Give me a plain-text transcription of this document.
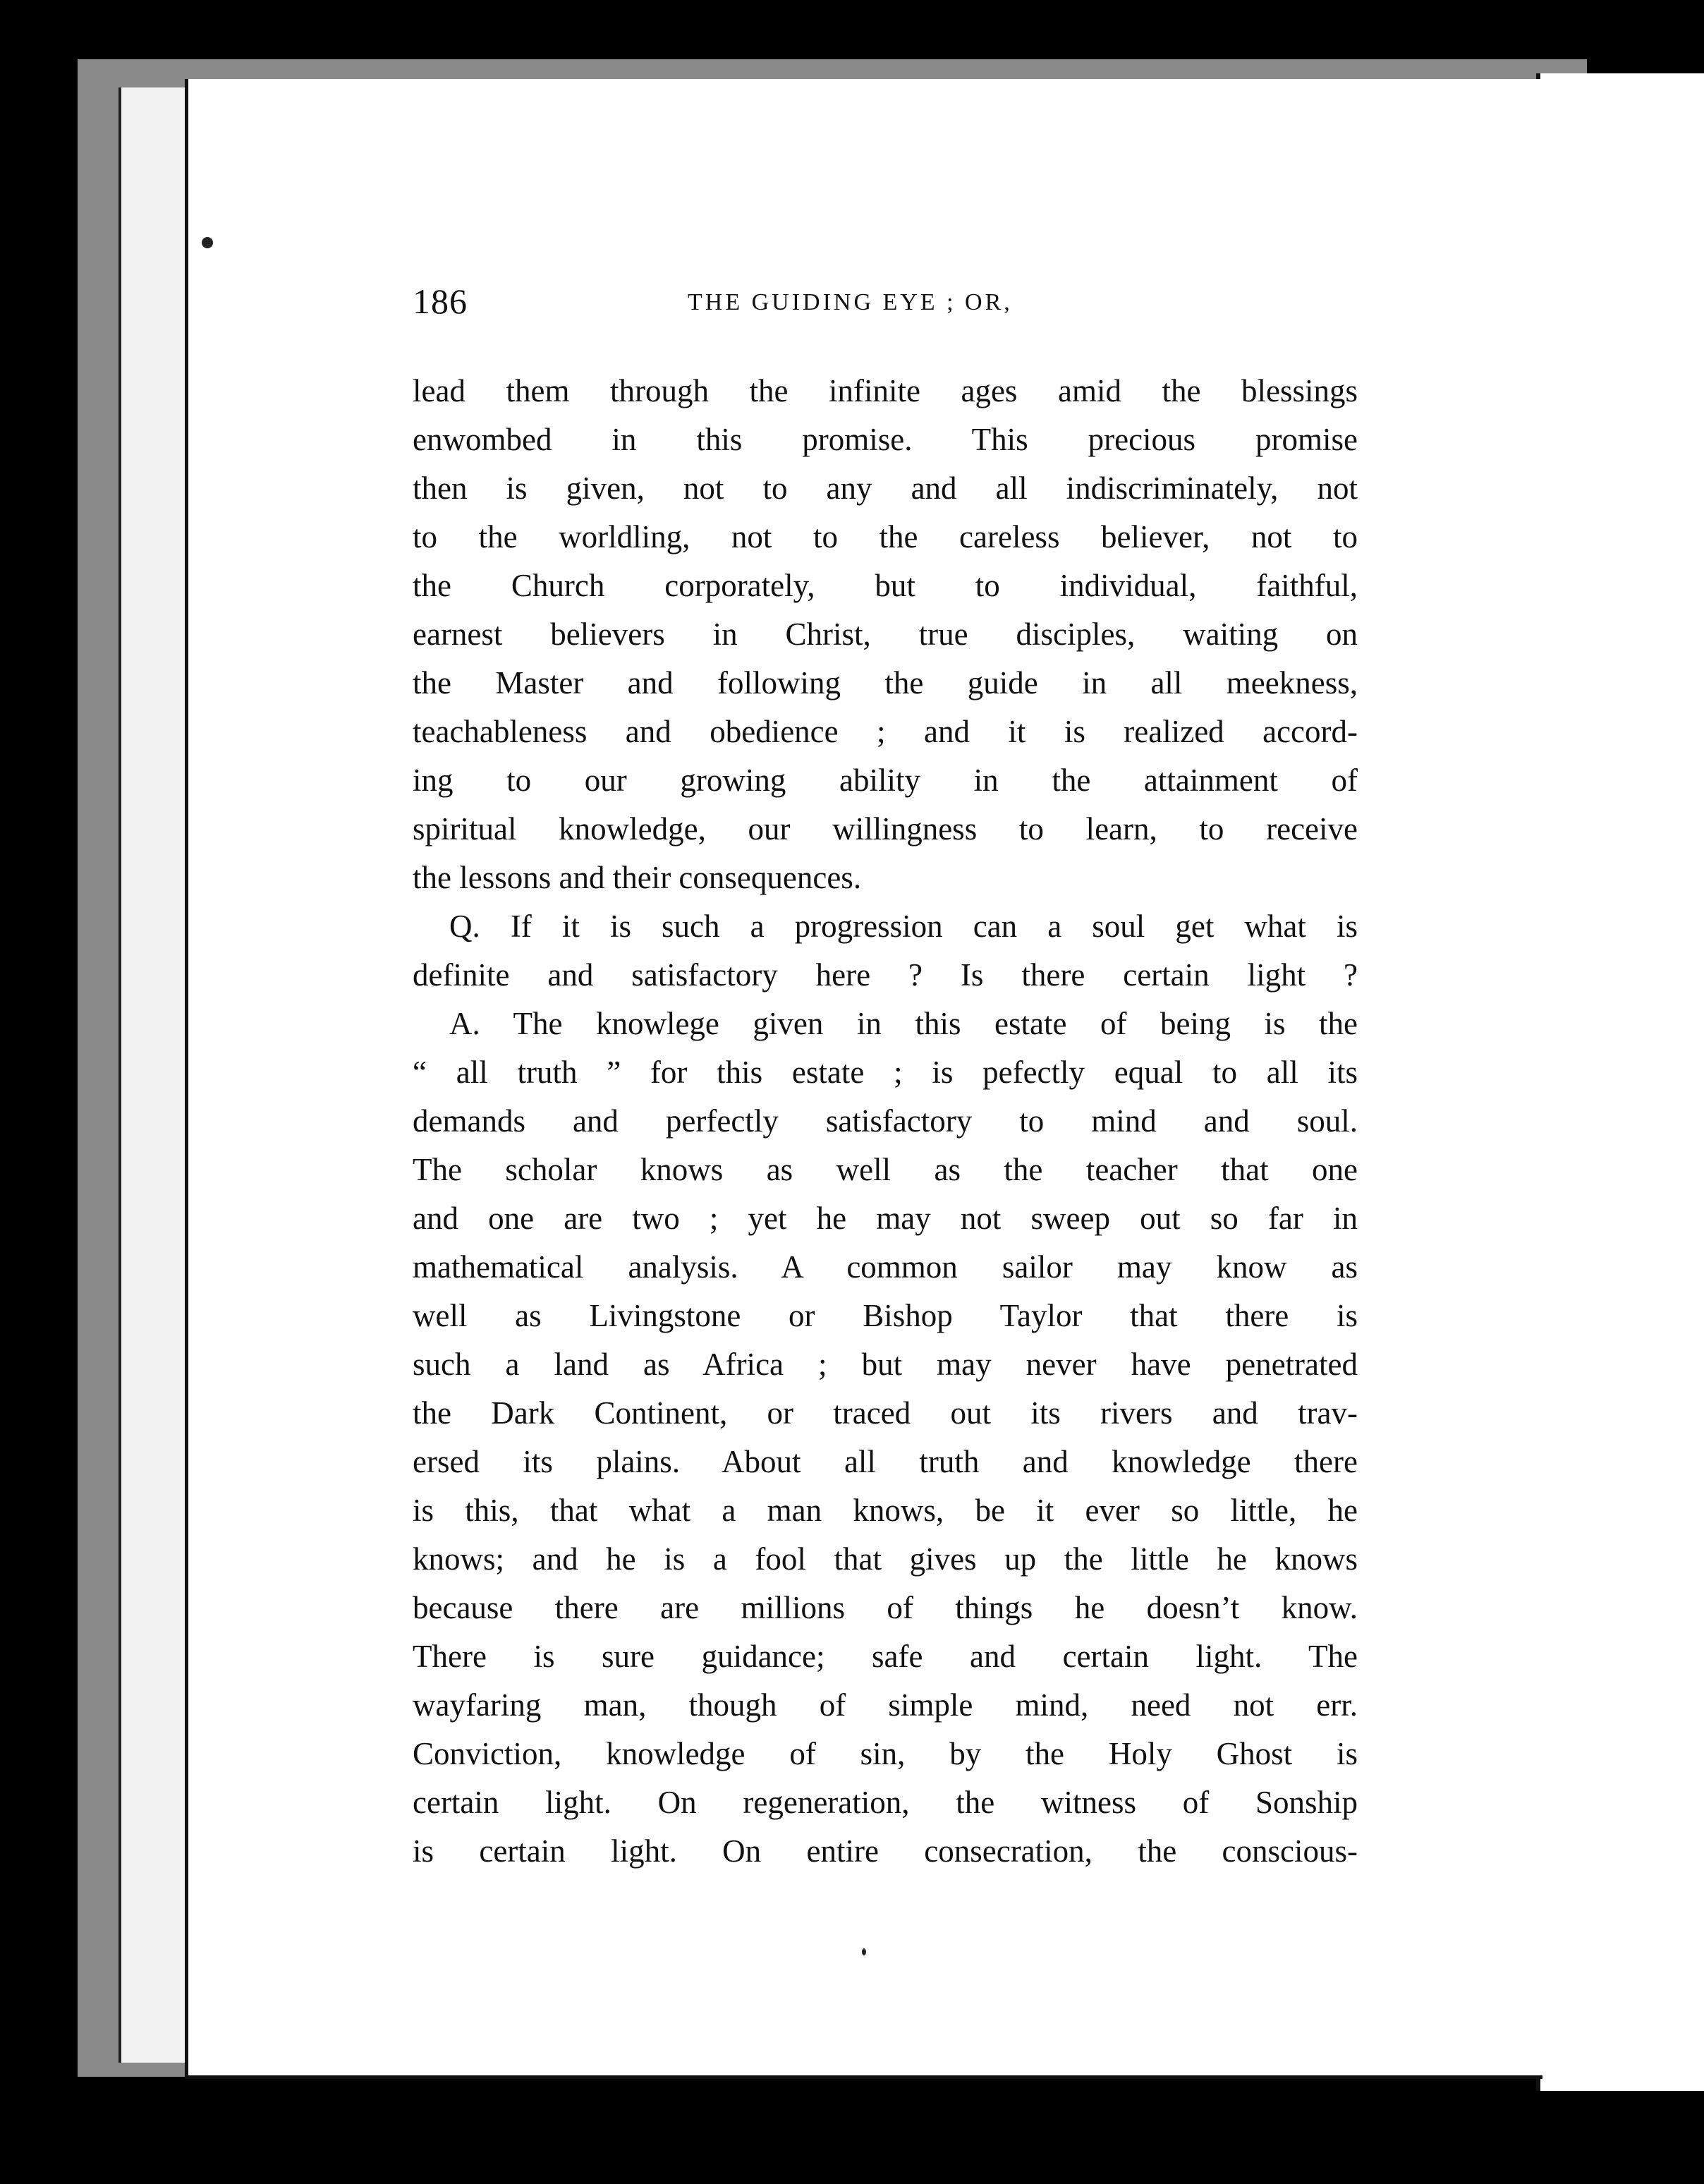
186	THE GUIDING EYE ; OR,
lead them through the infinite ages amid the blessings
enwombed in this promise. This precious promise
then is given, not to any and all indiscriminately, not
to the worldling, not to the careless believer, not to
the Church corporately, but to individual, faithful,
earnest believers in Christ, true disciples, waiting on
the Master and following the guide in all meekness,
teachableness and obedience ; and it is realized accord-
ing to our growing ability in the attainment of
spiritual knowledge, our willingness to learn, to receive
the lessons and their consequences.
Q. If it is such a progression can a soul get what is
definite and satisfactory here ? Is there certain light ?
A. The knowlege given in this estate of being is the
“ all truth ” for this estate ; is pefectly equal to all its
demands and perfectly satisfactory to mind and soul.
The scholar knows as well as the teacher that one
and one are two ; yet he may not sweep out so far in
mathematical analysis. A common sailor may know as
well as Livingstone or Bishop Taylor that there is
such a land as Africa ; but may never have penetrated
the Dark Continent, or traced out its rivers and trav-
ersed its plains. About all truth and knowledge there
is this, that what a man knows, be it ever so little, he
knows; and he is a fool that gives up the little he knows
because there are millions of things he doesn’t know.
There is sure guidance; safe and certain light. The
wayfaring man, though of simple mind, need not err.
Conviction, knowledge of sin, by the Holy Ghost is
certain light. On regeneration, the witness of Sonship
is certain light. On entire consecration, the conscious-
